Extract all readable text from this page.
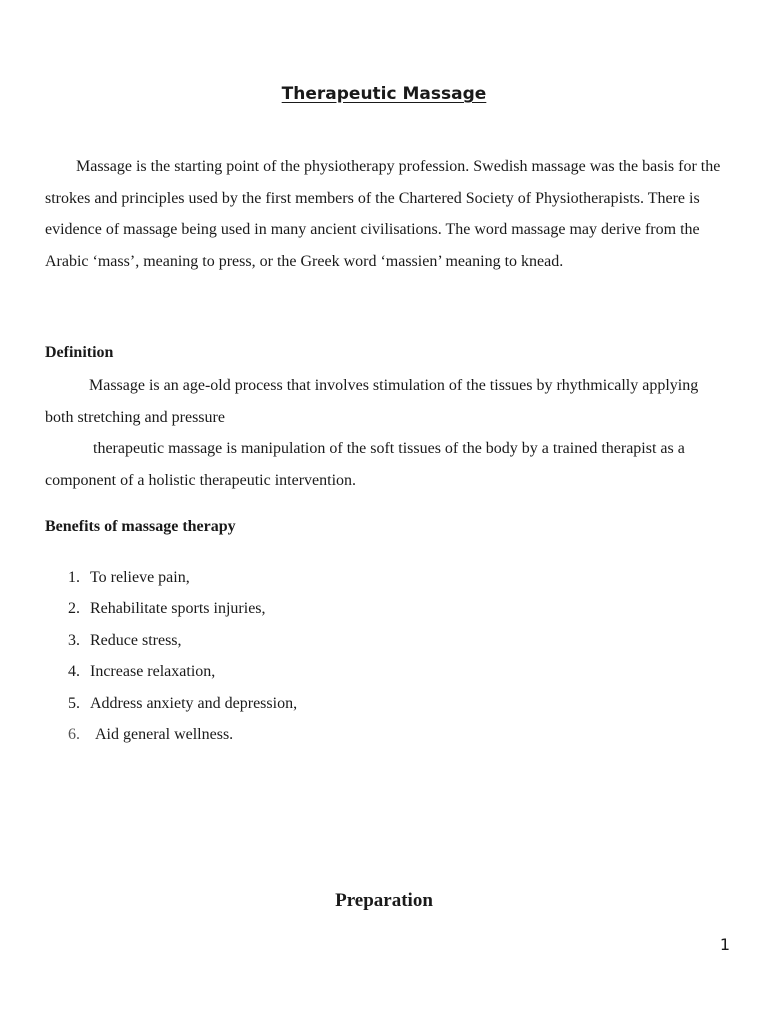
Therapeutic Massage

Massage is the starting point of the physiotherapy profession. Swedish massage was the basis for the strokes and principles used by the first members of the Chartered Society of Physiotherapists. There is evidence of massage being used in many ancient civilisations. The word massage may derive from the Arabic ‘mass’, meaning to press, or the Greek word ‘massien’ meaning to knead.

Definition

Massage is an age-old process that involves stimulation of the tissues by rhythmically applying both stretching and pressure

therapeutic massage is manipulation of the soft tissues of the body by a trained therapist as a component of a holistic therapeutic intervention.

Benefits of massage therapy
1. To relieve pain,
2. Rehabilitate sports injuries,
3. Reduce stress,
4. Increase relaxation,
5. Address anxiety and depression,
6. Aid general wellness.
Preparation
1
